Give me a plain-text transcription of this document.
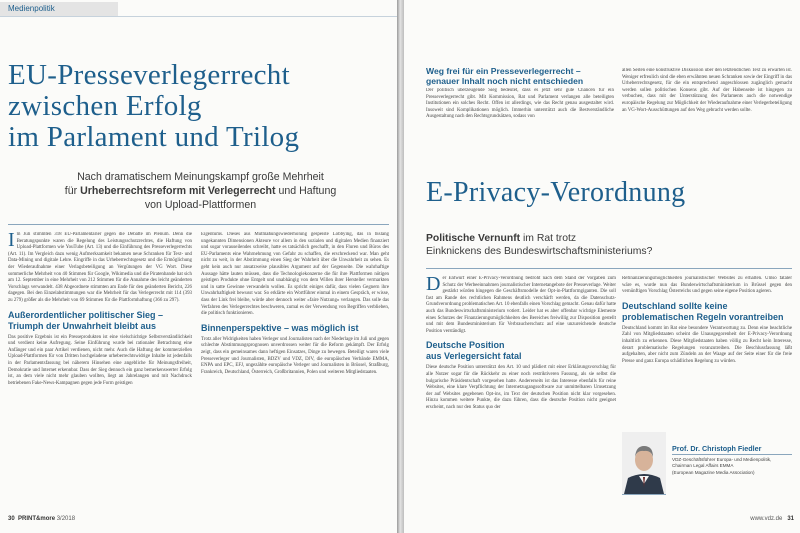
Medienpolitik
EU-Presseverlegerrecht
zwischen Erfolg
im Parlament und Trilog
Nach dramatischem Meinungskampf große Mehrheit
für Urheberrechtsreform mit Verlegerrecht und Haftung
von Upload-Plattformen
Im Juli stimmten 318 EU-Parlamentarier gegen die Debatte im Plenum. Denn die Beratungspunkte waren die Regelung des Leistungsschutzrechtes, die Haftung von Upload-Plattformen wie YouTube (Art. 13) und die Einführung des Presseverlegerrechts (Art. 11). Im Vergleich dazu wenig Aufmerksamkeit bekamen neue Schranken für Text- und Data-Mining und digitale Lehre. Eingriffe in das Urheberrechtsgesetz und die Ermöglichung der Wiederaufnahme einer Verlagsbeteiligung an Vergütungen der VG Wort. Diese sommerliche Mehrheit von 40 Stimmen für Google, Wikimedia und die Piratenbande hat sich am 12. September in eine Mehrheit von 212 Stimmen für die Annahme des leicht geänderten Vorschlags verwandelt. 438 Abgeordnete stimmten am Ende für den geänderten Bericht, 226 dagegen. Bei den Einzelabstimmungen war die Mehrheit für das Verlegerrecht mit 114 (393 zu 279) größer als die Mehrheit von 69 Stimmen für die Plattformhaftung (366 zu 297).
Außerordentlicher politischer Sieg –
Triumph der Unwahrheit bleibt aus
Das positive Ergebnis ist ein Presseprodukten ist eine vielschichtige Selbstverständlichkeit und verdient keine Aufregung. Seine Einführung wurde bei rationaler Betrachtung eine Anfänger und ein paar Artikel verdienen, nicht mehr. Auch die Haftung der kommerziellen Upload-Plattformen für von Dritten hochgeladene urheberrechtswidrige Inhalte ist jedenfalls in der Parlamentsfassung bei näherem Hinsehen eine angebliche für Meinungsfreiheit, Demokratie und Internet erkennbar. Dass der Sieg dennoch ein ganz bemerkenswerter Erfolg ist, an dem viele nicht mehr glauben wollten, liegt an Jahrelangen und mit Nachdruck betriebenen Fake-News-Kampagnen gegen jede Form geistigen
Eigentums. Dieses aus Mutmaßungswiederholung gespeiste Lobbying, das in bislang ungekannten Dimensionen Akteure vor allem in den sozialen und digitalen Medien finanziert und sogar vorauseilendes schreibt, hatte es tatsächlich geschafft, in den Fluren und Büros des EU-Parlaments eine Wahrnehmung von Gefahr zu schaffen, die erschreckend war. Man geht nicht zu weit, in der Abstimmung einen Sieg der Wahrheit über die Unwahrheit zu sehen. Es geht kein auch nur ansatzweise plausibles Argument auf der Gegenseite. Die wahrhaftige Aussage hätte lauten müssen, dass die Technologiekonzerne die für ihre Plattformen nötigen geistigen Produkte ohne Entgelt und unabhängig von dem Willen ihrer Hersteller vermarkten und in satte Gewinne verwandeln wollen. Es spricht einiges dafür, dass vielen Gegnern ihre Unwahrhaftigkeit bewusst war. So erklärte ein Wortführer einmal in einem Gespräch, er wisse, dass der Link frei bleibe, würde aber dennoch weiter »faire Nutzung« verlangen. Das solle das Verfahren des Verlegerrechtes beschweren, zumal es der Verwendung von Begriffen verblieben, die politisch funktionieren.
Binnenperspektive – was möglich ist
Trotz aller Widrigkeiten haben Verleger und Journalisten nach der Niederlage im Juli und gegen schlechte Abstimmungsprognosen unverdrossen weiter für die Reform gekämpft. Der Erfolg zeigt, dass ein gemeinsames dann heftigen Einsatzes, Dinge zu bewegen. Beteiligt waren viele Presseverleger und Journalisten, BDZV und VDZ, DJV, die europäischen Verbände EMMA, ENPA und EPC, EFJ, ungezählte europäische Verleger und Journalisten in Brüssel, Straßburg, Frankreich, Deutschland, Österreich, Großbritannien, Polen und weiteren Mitgliedstaaten.
30 PRINT&more 3/2018
Weg frei für ein Presseverlegerrecht –
genauer Inhalt noch nicht entschieden
Der politisch überzeugende Sieg bedeutet, dass es jetzt sehr gute Chancen für ein Presseverlegerrecht gibt. Mit Kommission, Rat und Parlament verlangen alle beteiligten Institutionen ein solches Recht. Offen ist allerdings, wie das Recht genau ausgestaltet wird. Insoweit sind Komplikationen möglich. Immerhin unterstützt auch die Bestverständliche Ausgestaltung nach den Rechtsgrundsätzen, sodass von
allen Seiten eine konstruktive Diskussion über den letztendlichen Text zu erwarten ist. Weniger erfreulich sind die eben erwähnten neuen Schranken sowie der Eingriff in das Urheberrechtsgesetz, für die ein entsprechend angeschlossen zugänglich gemacht werden sollen politischen Konsens gibt. Auf der Habenseite ist hingegen zu verbuchen, dass mit der Unterstützung des Parlaments auch die notwendige europäische Regelung zur Möglichkeit der Wiederaufnahme einer Verlegerbeteiligung an VG-Wort-Ausschüttungen auf den Weg gebracht werden sollte.
E-Privacy-Verordnung
Politische Vernunft im Rat trotz
Einknickens des Bundeswirtschaftsministeriums?
Der Entwurf einer E-Privacy-Verordnung bedroht nach dem Stand der Vorgaben zum Schutz der Werbeeinnahmen journalistischer Internetangebote der Presseverlage. Weiter gestärkt würden hingegen die Geschäftsmodelle der Opt-in-Plattformgiganten. Die soll fast am Rande des rechtlichen Rahmens deutlich verschärft werden, da die Datenschutz-Grundverordnung problematischen Art. 10 ebenfalls einen Vorschlag gemacht. Genau dafür hatte auch das Bundeswirtschaftsministerium votiert. Leider hat es aber offenbar wichtige Elemente eines Schutzes der Finanzierungsmöglichkeiten des Bereiches freiwillig zur Disposition gestellt und mit dem Bundesministerium für Verbraucherschutz auf eine unzureichende deutsche Position verständigt.
Deutsche Position
aus Verlegersicht fatal
Diese deutsche Position unterstützt den Art. 10 und plädiert mit einer Erklärungsvorschlag für alle Nutzer sogar für die Rückkehr zu einer noch restriktiveren Fassung, als sie selbst die bulgarische Präsidentschaft vorgesehen hatte. Andererseits ist das Interesse ebenfalls für reine Websites, eine klare Verpflichtung der Internetzugangssoftware zur unmittelbaren Umsetzung der auf Websites gegebenen Opt-ins, im Text der deutschen Position nicht klar vorgesehen. Hinzu kommen weitere Punkte, die dazu führen, dass die deutsche Position nicht geeignet erscheint, nach nur den Status quo der
Refinanzierungsmöglichkeiten journalistischer Websites zu erhalten. Umso fataler wäre es, wurde nun das Bundeswirtschaftsministerium in Brüssel gegen den vernünftigen Vorschlag Österreichs und gegen seine eigene Position agieren.
Deutschland sollte keine
problematischen Regeln vorantreiben
Deutschland kommt im Rat eine besondere Verantwortung zu. Denn eine beachtliche Zahl von Mitgliedstaaten scheint die Unausgegorenheit der E-Privacy-Verordnung inhaltlich zu erkennen. Diese Mitgliedstaaten haben völlig zu Recht kein Interesse, derart problematische Regelungen voranzutreiben. Die Beschlussfassung läßt aufgehalten, aber nicht zum Zündeln an der Waage auf der Seite einer für die freie Presse und ganz Europa schädlichen Regelung zu würden.
Prof. Dr. Christoph Fiedler
VDZ-Geschäftsführer Europa- und Medienpolitik,
Chairman Legal Affairs EMMA
(European Magazine Media Association)
www.vdz.de 31
